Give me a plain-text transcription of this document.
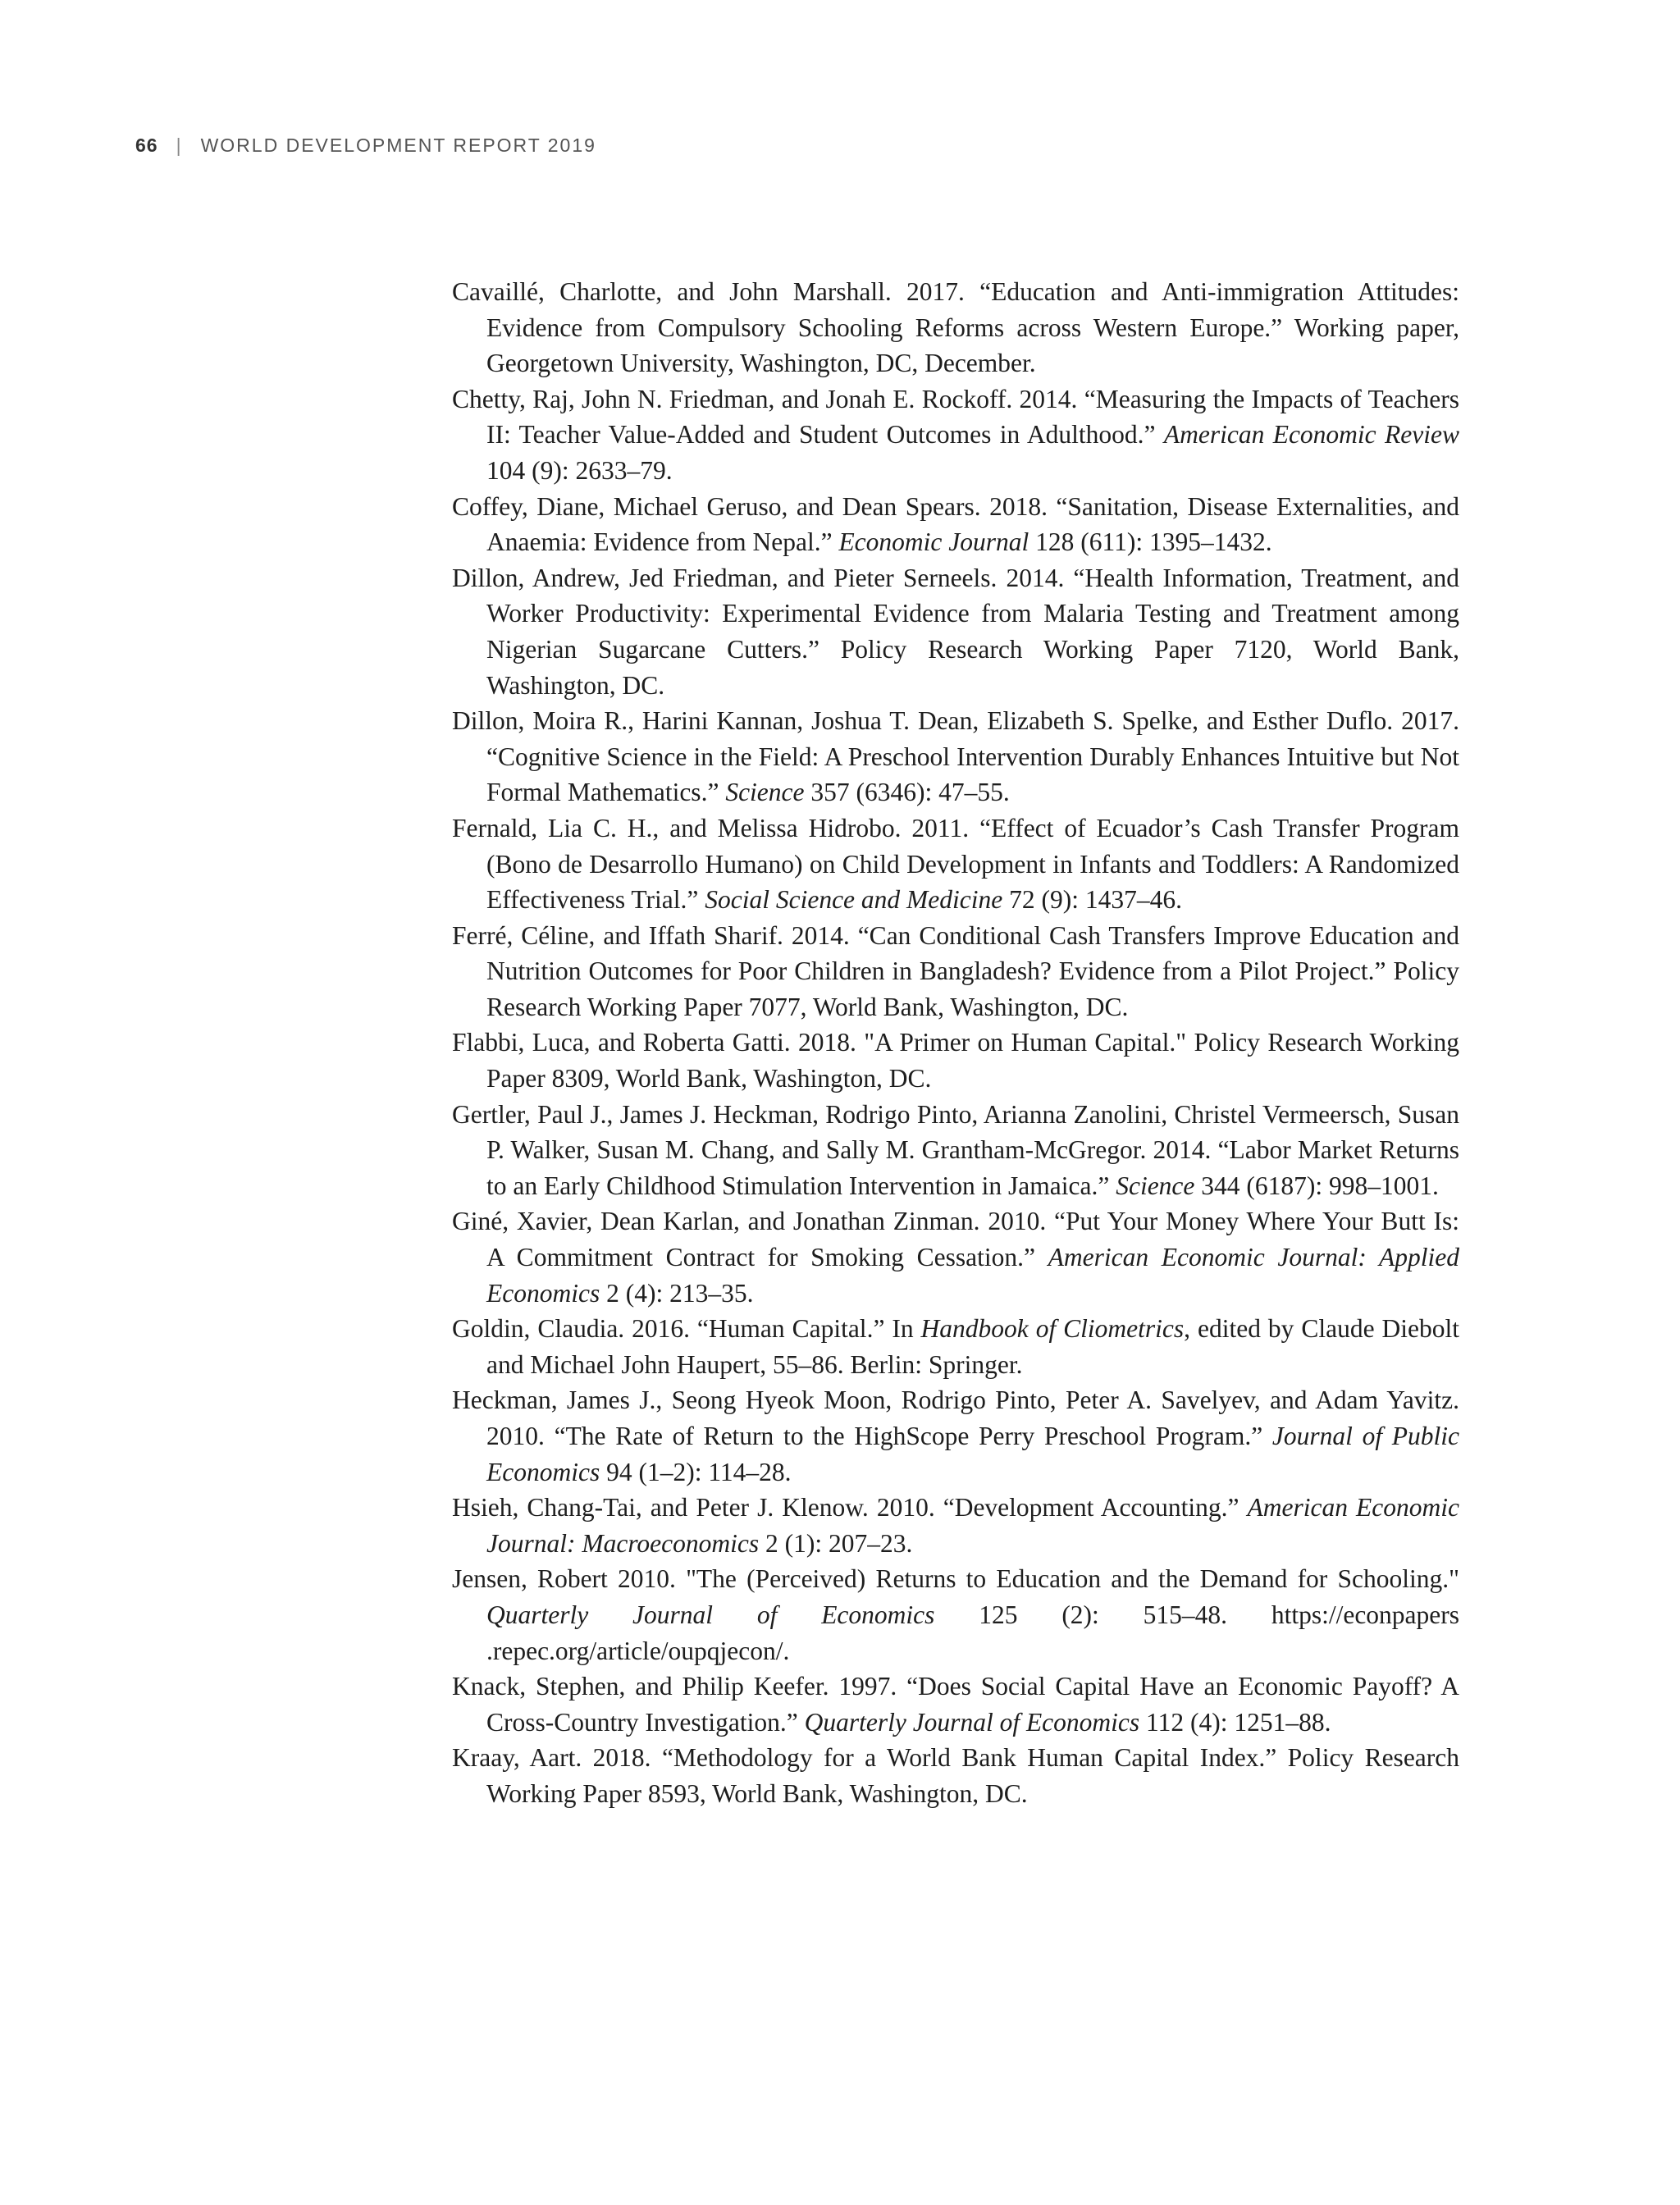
66 | WORLD DEVELOPMENT REPORT 2019

Cavaillé, Charlotte, and John Marshall. 2017. “Education and Anti-immigration Attitudes: Evidence from Compulsory Schooling Reforms across Western Europe.” Working paper, Georgetown University, Washington, DC, December.

Chetty, Raj, John N. Friedman, and Jonah E. Rockoff. 2014. “Measuring the Impacts of Teachers II: Teacher Value-Added and Student Outcomes in Adulthood.” American Economic Review 104 (9): 2633–79.

Coffey, Diane, Michael Geruso, and Dean Spears. 2018. “Sanitation, Disease Externalities, and Anaemia: Evidence from Nepal.” Economic Journal 128 (611): 1395–1432.

Dillon, Andrew, Jed Friedman, and Pieter Serneels. 2014. “Health Information, Treatment, and Worker Productivity: Experimental Evidence from Malaria Testing and Treatment among Nigerian Sugarcane Cutters.” Policy Research Working Paper 7120, World Bank, Washington, DC.

Dillon, Moira R., Harini Kannan, Joshua T. Dean, Elizabeth S. Spelke, and Esther Duflo. 2017. “Cognitive Science in the Field: A Preschool Intervention Durably Enhances Intuitive but Not Formal Mathematics.” Science 357 (6346): 47–55.

Fernald, Lia C. H., and Melissa Hidrobo. 2011. “Effect of Ecuador’s Cash Transfer Program (Bono de Desarrollo Humano) on Child Development in Infants and Toddlers: A Randomized Effectiveness Trial.” Social Science and Medicine 72 (9): 1437–46.

Ferré, Céline, and Iffath Sharif. 2014. “Can Conditional Cash Transfers Improve Education and Nutrition Outcomes for Poor Children in Bangladesh? Evidence from a Pilot Project.” Policy Research Working Paper 7077, World Bank, Washington, DC.

Flabbi, Luca, and Roberta Gatti. 2018. "A Primer on Human Capital." Policy Research Working Paper 8309, World Bank, Washington, DC.

Gertler, Paul J., James J. Heckman, Rodrigo Pinto, Arianna Zanolini, Christel Vermeersch, Susan P. Walker, Susan M. Chang, and Sally M. Grantham-McGregor. 2014. “Labor Market Returns to an Early Childhood Stimulation Intervention in Jamaica.” Science 344 (6187): 998–1001.

Giné, Xavier, Dean Karlan, and Jonathan Zinman. 2010. “Put Your Money Where Your Butt Is: A Commitment Contract for Smoking Cessation.” American Economic Journal: Applied Economics 2 (4): 213–35.

Goldin, Claudia. 2016. “Human Capital.” In Handbook of Cliometrics, edited by Claude Diebolt and Michael John Haupert, 55–86. Berlin: Springer.

Heckman, James J., Seong Hyeok Moon, Rodrigo Pinto, Peter A. Savelyev, and Adam Yavitz. 2010. “The Rate of Return to the HighScope Perry Preschool Program.” Journal of Public Economics 94 (1–2): 114–28.

Hsieh, Chang-Tai, and Peter J. Klenow. 2010. “Development Accounting.” American Economic Journal: Macroeconomics 2 (1): 207–23.

Jensen, Robert 2010. "The (Perceived) Returns to Education and the Demand for Schooling." Quarterly Journal of Economics 125 (2): 515–48. https://econpapers .repec.org/article/oupqjecon/.

Knack, Stephen, and Philip Keefer. 1997. “Does Social Capital Have an Economic Payoff? A Cross-Country Investigation.” Quarterly Journal of Economics 112 (4): 1251–88.

Kraay, Aart. 2018. “Methodology for a World Bank Human Capital Index.” Policy Research Working Paper 8593, World Bank, Washington, DC.
